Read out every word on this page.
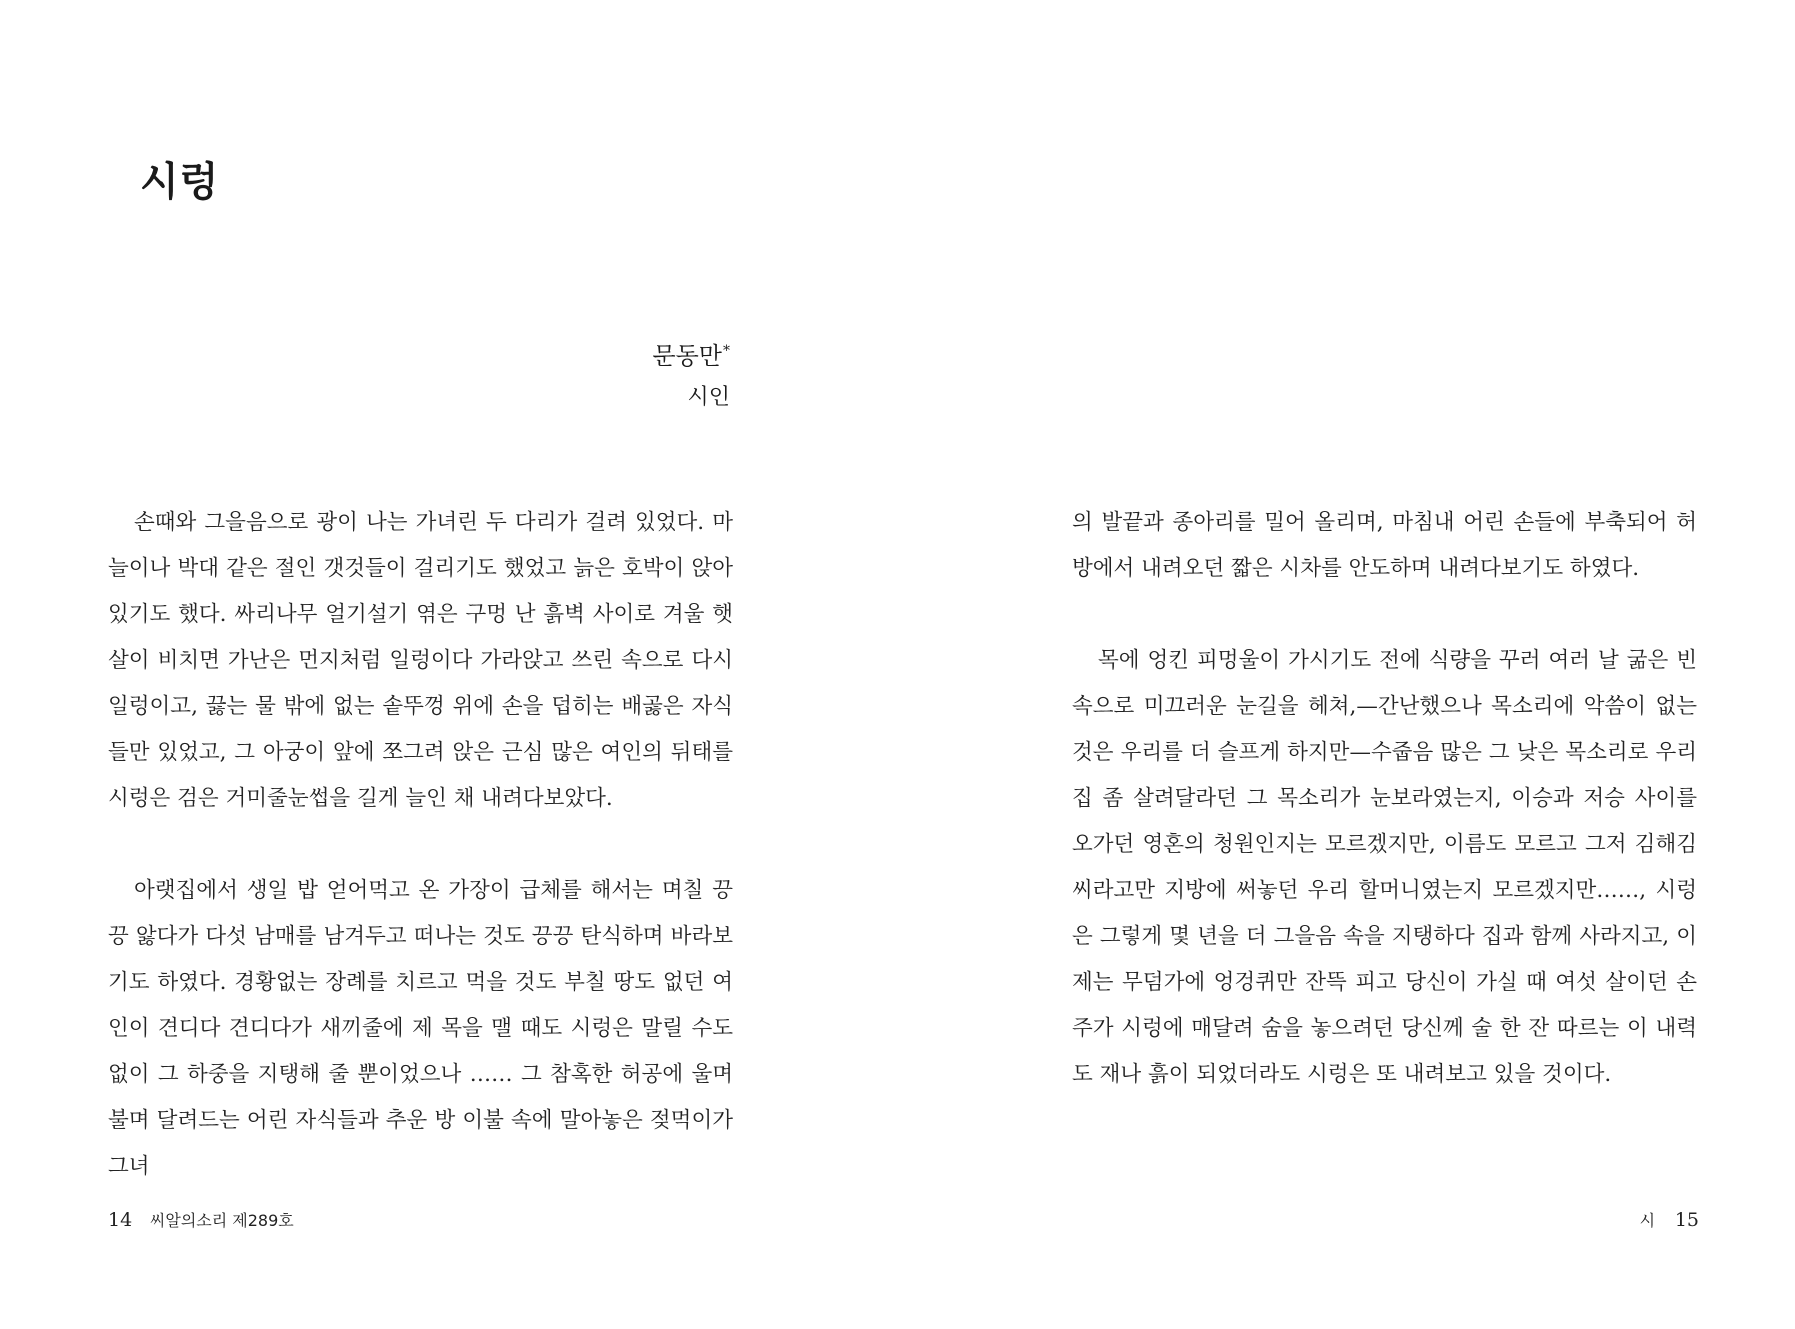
시렁
문동만*
시인

손때와 그을음으로 광이 나는 가녀린 두 다리가 걸려 있었다. 마늘이나 박대 같은 절인 갯것들이 걸리기도 했었고 늙은 호박이 앉아 있기도 했다. 싸리나무 얼기설기 엮은 구멍 난 흙벽 사이로 겨울 햇살이 비치면 가난은 먼지처럼 일렁이다 가라앉고 쓰린 속으로 다시 일렁이고, 끓는 물 밖에 없는 솥뚜껑 위에 손을 덥히는 배곯은 자식들만 있었고, 그 아궁이 앞에 쪼그려 앉은 근심 많은 여인의 뒤태를 시렁은 검은 거미줄눈썹을 길게 늘인 채 내려다보았다.

아랫집에서 생일 밥 얻어먹고 온 가장이 급체를 해서는 며칠 끙끙 앓다가 다섯 남매를 남겨두고 떠나는 것도 끙끙 탄식하며 바라보기도 하였다. 경황없는 장례를 치르고 먹을 것도 부칠 땅도 없던 여인이 견디다 견디다가 새끼줄에 제 목을 맬 때도 시렁은 말릴 수도 없이 그 하중을 지탱해 줄 뿐이었으나 …… 그 참혹한 허공에 울며불며 달려드는 어린 자식들과 추운 방 이불 속에 말아놓은 젖먹이가 그녀

의 발끝과 종아리를 밀어 올리며, 마침내 어린 손들에 부축되어 허방에서 내려오던 짧은 시차를 안도하며 내려다보기도 하였다.

목에 엉킨 피멍울이 가시기도 전에 식량을 꾸러 여러 날 굶은 빈속으로 미끄러운 눈길을 헤쳐,—간난했으나 목소리에 악씀이 없는 것은 우리를 더 슬프게 하지만—수줍음 많은 그 낮은 목소리로 우리 집 좀 살려달라던 그 목소리가 눈보라였는지, 이승과 저승 사이를 오가던 영혼의 청원인지는 모르겠지만, 이름도 모르고 그저 김해김씨라고만 지방에 써놓던 우리 할머니였는지 모르겠지만……, 시렁은 그렇게 몇 년을 더 그을음 속을 지탱하다 집과 함께 사라지고, 이제는 무덤가에 엉겅퀴만 잔뜩 피고 당신이 가실 때 여섯 살이던 손주가 시렁에 매달려 숨을 놓으려던 당신께 술 한 잔 따르는 이 내력도 재나 흙이 되었더라도 시렁은 또 내려보고 있을 것이다.

14 씨알의소리 제289호	시 15
